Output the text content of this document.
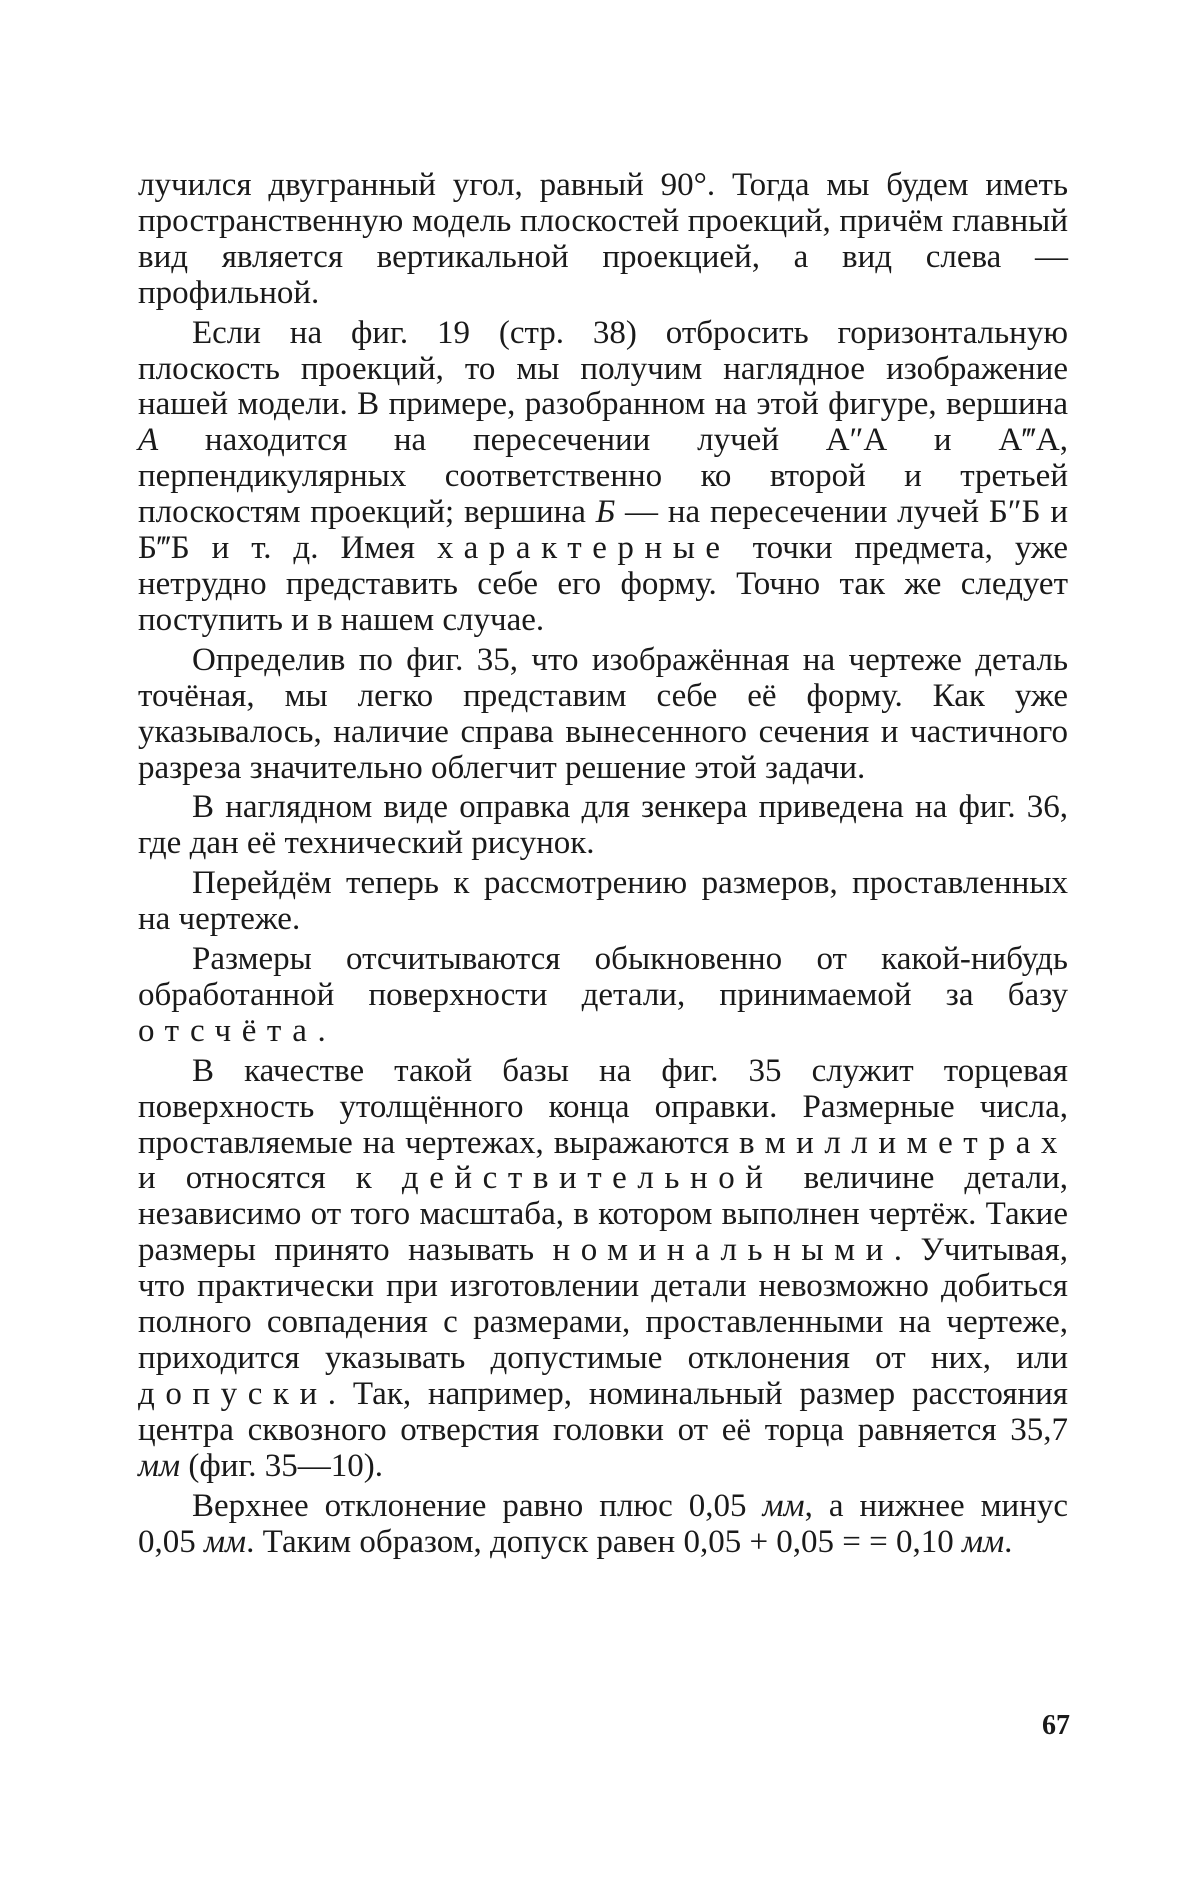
лучился двугранный угол, равный 90°. Тогда мы будем иметь пространственную модель плоскостей проекций, причём главный вид является вертикальной проекцией, а вид слева — профильной.

Если на фиг. 19 (стр. 38) отбросить горизонтальную плоскость проекций, то мы получим наглядное изображение нашей модели. В примере, разобранном на этой фигуре, вершина А находится на пересечении лучей А″А и А‴А, перпендикулярных соответственно ко второй и третьей плоскостям проекций; вершина Б — на пересечении лучей Б″Б и Б‴Б и т. д. Имея характерные точки предмета, уже нетрудно представить себе его форму. Точно так же следует поступить и в нашем случае.

Определив по фиг. 35, что изображённая на чертеже деталь точёная, мы легко представим себе её форму. Как уже указывалось, наличие справа вынесенного сечения и частичного разреза значительно облегчит решение этой задачи.

В наглядном виде оправка для зенкера приведена на фиг. 36, где дан её технический рисунок.

Перейдём теперь к рассмотрению размеров, проставленных на чертеже.

Размеры отсчитываются обыкновенно от какой-нибудь обработанной поверхности детали, принимаемой за базу отсчёта.

В качестве такой базы на фиг. 35 служит торцевая поверхность утолщённого конца оправки. Размерные числа, проставляемые на чертежах, выражаются в миллиметрах и относятся к действительной величине детали, независимо от того масштаба, в котором выполнен чертёж. Такие размеры принято называть номинальными. Учитывая, что практически при изготовлении детали невозможно добиться полного совпадения с размерами, проставленными на чертеже, приходится указывать допустимые отклонения от них, или допуски. Так, например, номинальный размер расстояния центра сквозного отверстия головки от её торца равняется 35,7 мм (фиг. 35—10).

Верхнее отклонение равно плюс 0,05 мм, а нижнее минус 0,05 мм. Таким образом, допуск равен 0,05 + 0,05 = = 0,10 мм.

67
